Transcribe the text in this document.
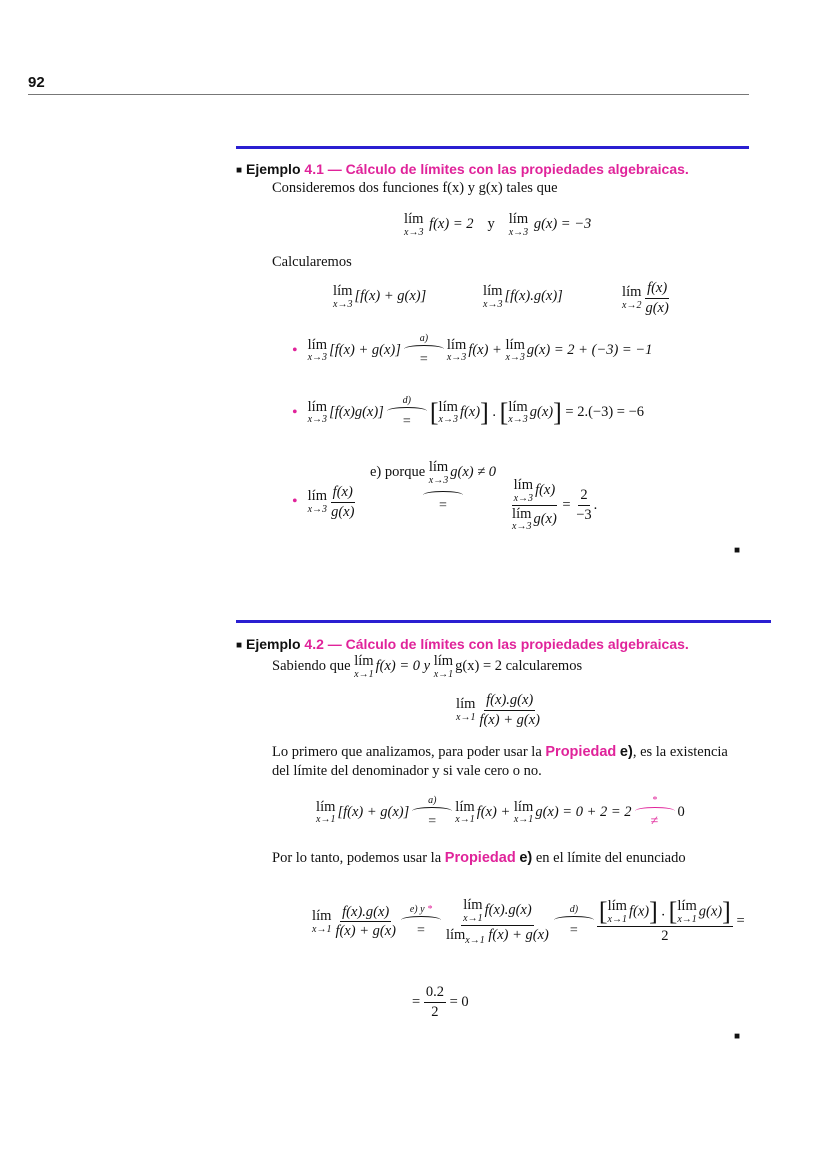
92
■ Ejemplo 4.1 — Cálculo de límites con las propiedades algebraicas.
Consideremos dos funciones f(x) y g(x) tales que
lím
x→3 f(x) = 2 y lím
x→3 g(x) = −3
Calcularemos
lím
x→3 [f(x) + g(x)]	lím
x→3 [f(x).g(x)]	lím
$x\to 2 \frac{f(x)}{g(x)}$
• lím
x→3 [f(x) + g(x)]
a)
=
lím
x→3 f(x) +
lím
x→3 g(x) = 2 + (−3) = −1
• lím
x→3 [f(x)g(x)]
d)
= [ lím
x→3 f(x) ] . [ lím
x→3 g(x) ]
= 2.(−3) = −6
e) porque
lím
x→3 g(x) ≠ 0
• lím
$x\to 3 \frac{f(x)}{g(x)}$	=	lím
x→3 f(x)
lím
x→3 $g(x) = \frac{2}{-3}$ .
■
■ Ejemplo 4.2 — Cálculo de límites con las propiedades algebraicas.
Sabiendo que
lím
x→1 f(x) = 0 y
lím
x→1 g(x) = 2 calcularemos
lím
$x\to 1 \frac{f(x).g(x)}{f(x) + g(x)}$
Lo primero que analizamos, para poder usar la Propiedad e), es la existencia
del límite del denominador y si vale cero o no.
lím
x→1 [f(x) + g(x)]
a)
=
lím
x→1 f(x) +
lím
x→1 g(x) = 0 + 2 = 2
*
≠
0
Por lo tanto, podemos usar la Propiedad e) en el límite del enunciado
lím
$x\to 1 \frac{f(x).g(x)}{f(x) + g(x)} e$) y *
= lím
x→1 f(x).g(x)
lím$_{x\to 1}$ f(x) + g(x) d)
= [ lím
x→1 f(x)] . [ lím
x→1 g(x)]
2
=
=
$\frac{0.2}{2}$
= 0
■
